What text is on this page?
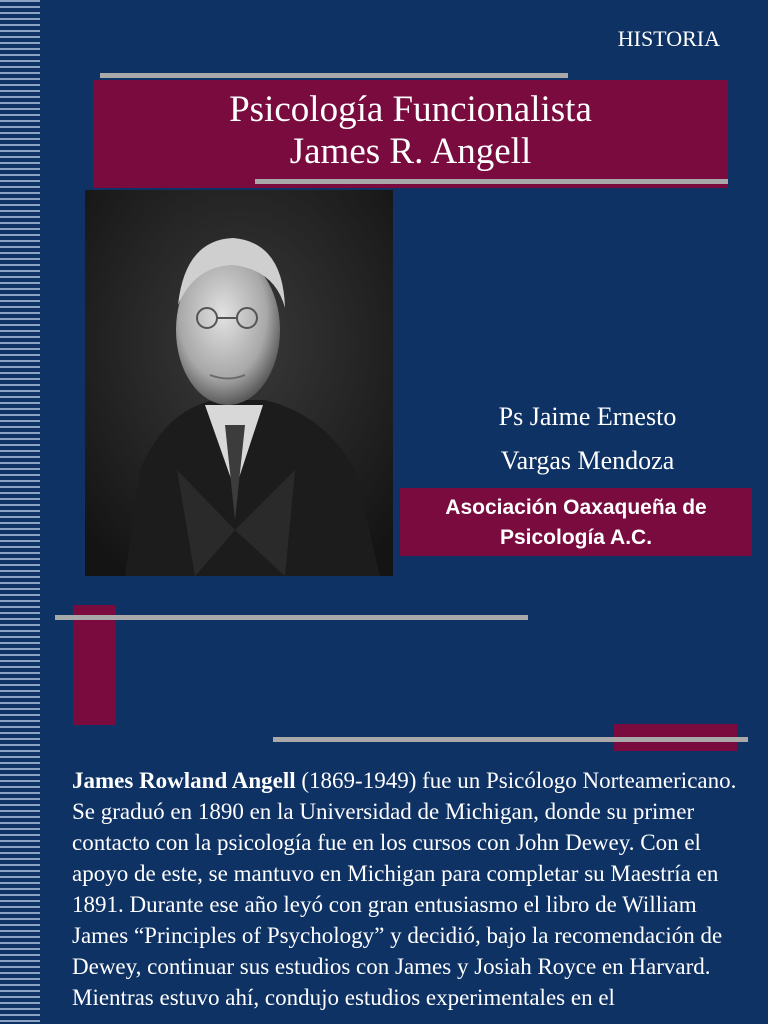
HISTORIA
Psicología Funcionalista
James R. Angell
Ps Jaime Ernesto
Vargas Mendoza
Asociación Oaxaqueña de
Psicología A.C.
James Rowland Angell (1869-1949) fue un Psicólogo Norteamericano. Se graduó en 1890 en la Universidad de Michigan, donde su primer contacto con la psicología fue en los cursos con John Dewey. Con el apoyo de este, se mantuvo en Michigan para completar su Maestría en 1891. Durante ese año leyó con gran entusiasmo el libro de William James “Principles of Psychology” y decidió, bajo la recomendación de Dewey, continuar sus estudios con James y Josiah Royce en Harvard. Mientras estuvo ahí, condujo estudios experimentales en el
